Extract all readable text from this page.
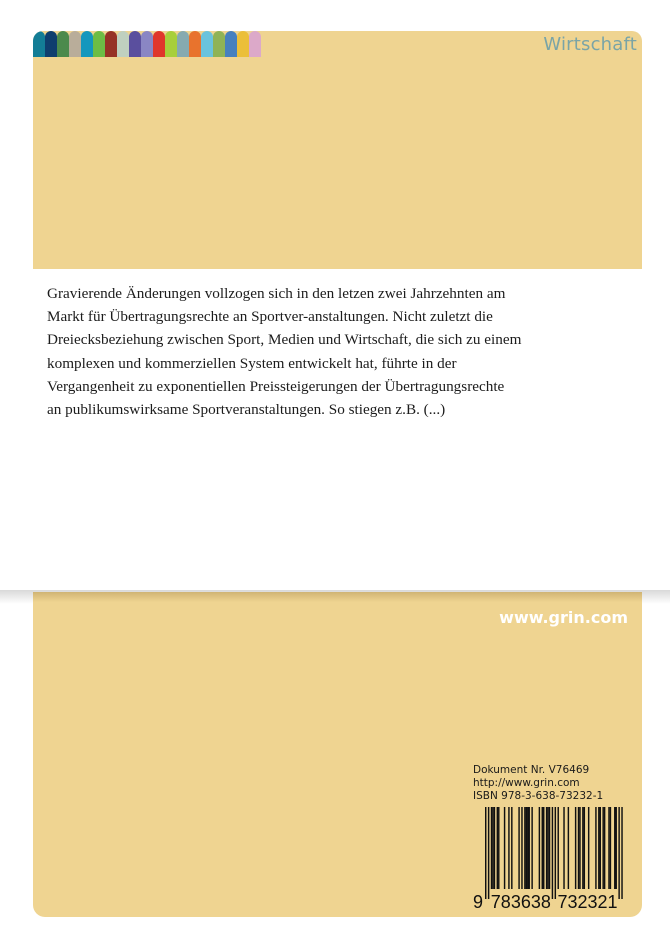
Wirtschaft
Gravierende Änderungen vollzogen sich in den letzen zwei Jahrzehnten am
Markt für Übertragungsrechte an Sportver-anstaltungen. Nicht zuletzt die
Dreiecksbeziehung zwischen Sport, Medien und Wirtschaft, die sich zu einem
komplexen und kommerziellen System entwickelt hat, führte in der
Vergangenheit zu exponentiellen Preissteigerungen der Übertragungsrechte
an publikumswirksame Sportveranstaltungen. So stiegen z.B. (...)
www.grin.com
Dokument Nr. V76469
http://www.grin.com
ISBN 978-3-638-73232-1
9 783638 732321
